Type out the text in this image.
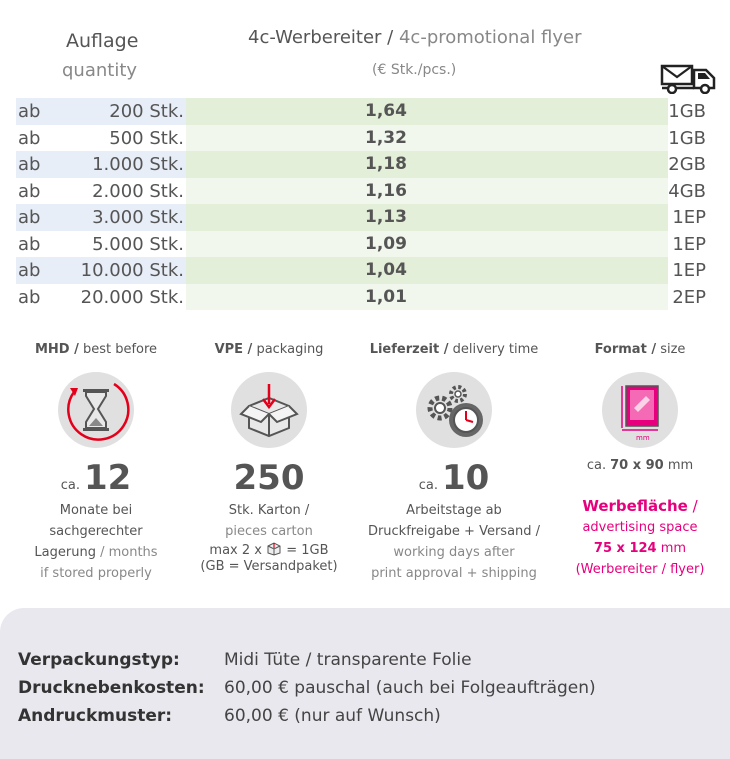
Auflage
quantity
4c-Werbereiter / 4c-promotional flyer
(€ Stk./pcs.)
ab	200 Stk.	1,64	1GB
ab	500 Stk.	1,32	1GB
ab	1.000 Stk.	1,18	2GB
ab	2.000 Stk.	1,16	4GB
ab	3.000 Stk.	1,13	1EP
ab	5.000 Stk.	1,09	1EP
ab	10.000 Stk.	1,04	1EP
ab	20.000 Stk.	1,01	2EP
MHD / best before
ca. 12
Monate bei
sachgerechter
Lagerung / months
if stored properly
VPE / packaging
250
Stk. Karton /
pieces carton
max 2 x = 1GB
(GB = Versandpaket)
Lieferzeit / delivery time
ca. 10
Arbeitstage ab
Druckfreigabe + Versand /
working days after
print approval + shipping
Format / size
mm
ca. 70 x 90 mm
Werbefläche /
advertising space
75 x 124 mm
(Werbereiter / flyer)
Verpackungstyp:	Midi Tüte / transparente Folie
Drucknebenkosten: 60,00 € pauschal (auch bei Folgeaufträgen)
Andruckmuster:	60,00 € (nur auf Wunsch)
